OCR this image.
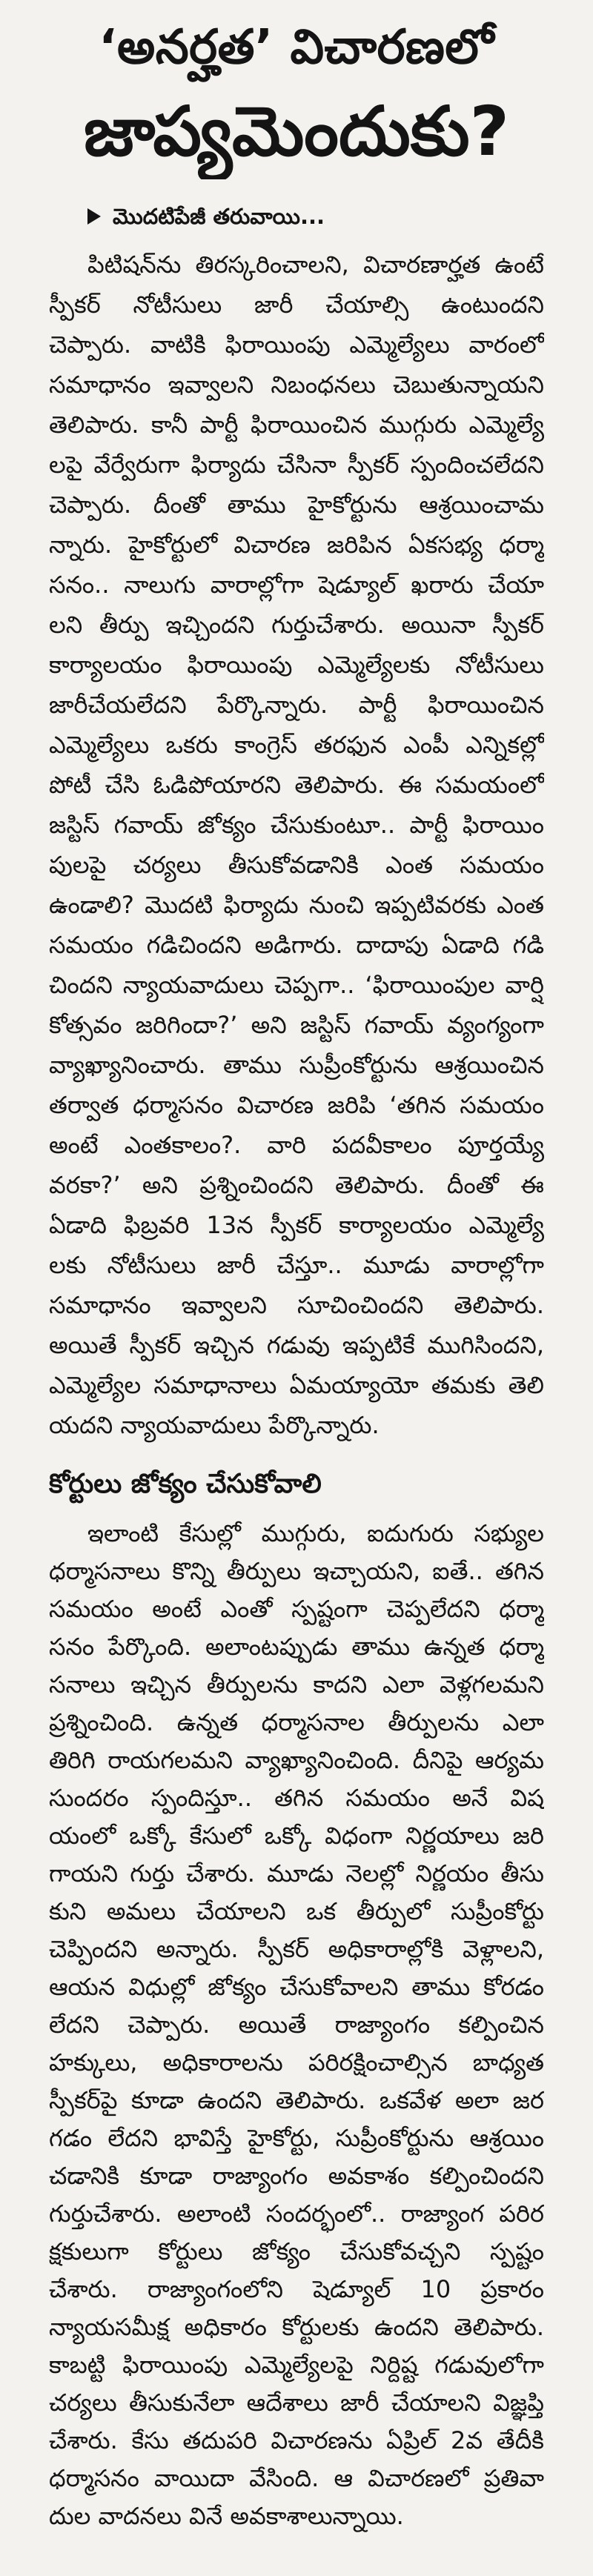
‘అనర్హత’ విచారణలో
జాప్యమెందుకు?
మొదటిపేజీ తరువాయి...
పిటిషన్‌ను తిరస్కరించాలని, విచారణార్హత ఉంటే
స్పీకర్ నోటీసులు జారీ చేయాల్సి ఉంటుందని
చెప్పారు. వాటికి ఫిరాయింపు ఎమ్మెల్యేలు వారంలో
సమాధానం ఇవ్వాలని నిబంధనలు చెబుతున్నాయని
తెలిపారు. కానీ పార్టీ ఫిరాయించిన ముగ్గురు ఎమ్మెల్యే
లపై వేర్వేరుగా ఫిర్యాదు చేసినా స్పీకర్ స్పందించలేదని
చెప్పారు. దీంతో తాము హైకోర్టును ఆశ్రయించామ
న్నారు. హైకోర్టులో విచారణ జరిపిన ఏకసభ్య ధర్మా
సనం.. నాలుగు వారాల్లోగా షెడ్యూల్ ఖరారు చేయా
లని తీర్పు ఇచ్చిందని గుర్తుచేశారు. అయినా స్పీకర్
కార్యాలయం ఫిరాయింపు ఎమ్మెల్యేలకు నోటీసులు
జారీచేయలేదని పేర్కొన్నారు. పార్టీ ఫిరాయించిన
ఎమ్మెల్యేలు ఒకరు కాంగ్రెస్ తరఫున ఎంపీ ఎన్నికల్లో
పోటీ చేసి ఓడిపోయారని తెలిపారు. ఈ సమయంలో
జస్టిస్ గవాయ్ జోక్యం చేసుకుంటూ.. పార్టీ ఫిరాయిం
పులపై చర్యలు తీసుకోవడానికి ఎంత సమయం
ఉండాలి? మొదటి ఫిర్యాదు నుంచి ఇప్పటివరకు ఎంత
సమయం గడిచిందని అడిగారు. దాదాపు ఏడాది గడి
చిందని న్యాయవాదులు చెప్పగా.. ‘ఫిరాయింపుల వార్షి
కోత్సవం జరిగిందా?’ అని జస్టిస్ గవాయ్ వ్యంగ్యంగా
వ్యాఖ్యానించారు. తాము సుప్రీంకోర్టును ఆశ్రయించిన
తర్వాత ధర్మాసనం విచారణ జరిపి ‘తగిన సమయం
అంటే ఎంతకాలం?. వారి పదవీకాలం పూర్తయ్యే
వరకా?’ అని ప్రశ్నించిందని తెలిపారు. దీంతో ఈ
ఏడాది ఫిబ్రవరి 13న స్పీకర్ కార్యాలయం ఎమ్మెల్యే
లకు నోటీసులు జారీ చేస్తూ.. మూడు వారాల్లోగా
సమాధానం ఇవ్వాలని సూచించిందని తెలిపారు.
అయితే స్పీకర్ ఇచ్చిన గడువు ఇప్పటికే ముగిసిందని,
ఎమ్మెల్యేల సమాధానాలు ఏమయ్యాయో తమకు తెలి
యదని న్యాయవాదులు పేర్కొన్నారు.
కోర్టులు జోక్యం చేసుకోవాలి
ఇలాంటి కేసుల్లో ముగ్గురు, ఐదుగురు సభ్యుల
ధర్మాసనాలు కొన్ని తీర్పులు ఇచ్చాయని, ఐతే.. తగిన
సమయం అంటే ఎంతో స్పష్టంగా చెప్పలేదని ధర్మా
సనం పేర్కొంది. అలాంటప్పుడు తాము ఉన్నత ధర్మా
సనాలు ఇచ్చిన తీర్పులను కాదని ఎలా వెళ్లగలమని
ప్రశ్నించింది. ఉన్నత ధర్మాసనాల తీర్పులను ఎలా
తిరిగి రాయగలమని వ్యాఖ్యానించింది. దీనిపై ఆర్యమ
సుందరం స్పందిస్తూ.. తగిన సమయం అనే విష
యంలో ఒక్కో కేసులో ఒక్కో విధంగా నిర్ణయాలు జరి
గాయని గుర్తు చేశారు. మూడు నెలల్లో నిర్ణయం తీసు
కుని అమలు చేయాలని ఒక తీర్పులో సుప్రీంకోర్టు
చెప్పిందని అన్నారు. స్పీకర్ అధికారాల్లోకి వెళ్లాలని,
ఆయన విధుల్లో జోక్యం చేసుకోవాలని తాము కోరడం
లేదని చెప్పారు. అయితే రాజ్యాంగం కల్పించిన
హక్కులు, అధికారాలను పరిరక్షించాల్సిన బాధ్యత
స్పీకర్‌పై కూడా ఉందని తెలిపారు. ఒకవేళ అలా జర
గడం లేదని భావిస్తే హైకోర్టు, సుప్రీంకోర్టును ఆశ్రయిం
చడానికి కూడా రాజ్యాంగం అవకాశం కల్పించిందని
గుర్తుచేశారు. అలాంటి సందర్భంలో.. రాజ్యాంగ పరిర
క్షకులుగా కోర్టులు జోక్యం చేసుకోవచ్చని స్పష్టం
చేశారు. రాజ్యాంగంలోని షెడ్యూల్ 10 ప్రకారం
న్యాయసమీక్ష అధికారం కోర్టులకు ఉందని తెలిపారు.
కాబట్టి ఫిరాయింపు ఎమ్మెల్యేలపై నిర్దిష్ట గడువులోగా
చర్యలు తీసుకునేలా ఆదేశాలు జారీ చేయాలని విజ్ఞప్తి
చేశారు. కేసు తదుపరి విచారణను ఏప్రిల్ 2వ తేదీకి
ధర్మాసనం వాయిదా వేసింది. ఆ విచారణలో ప్రతివా
దుల వాదనలు వినే అవకాశాలున్నాయి.
